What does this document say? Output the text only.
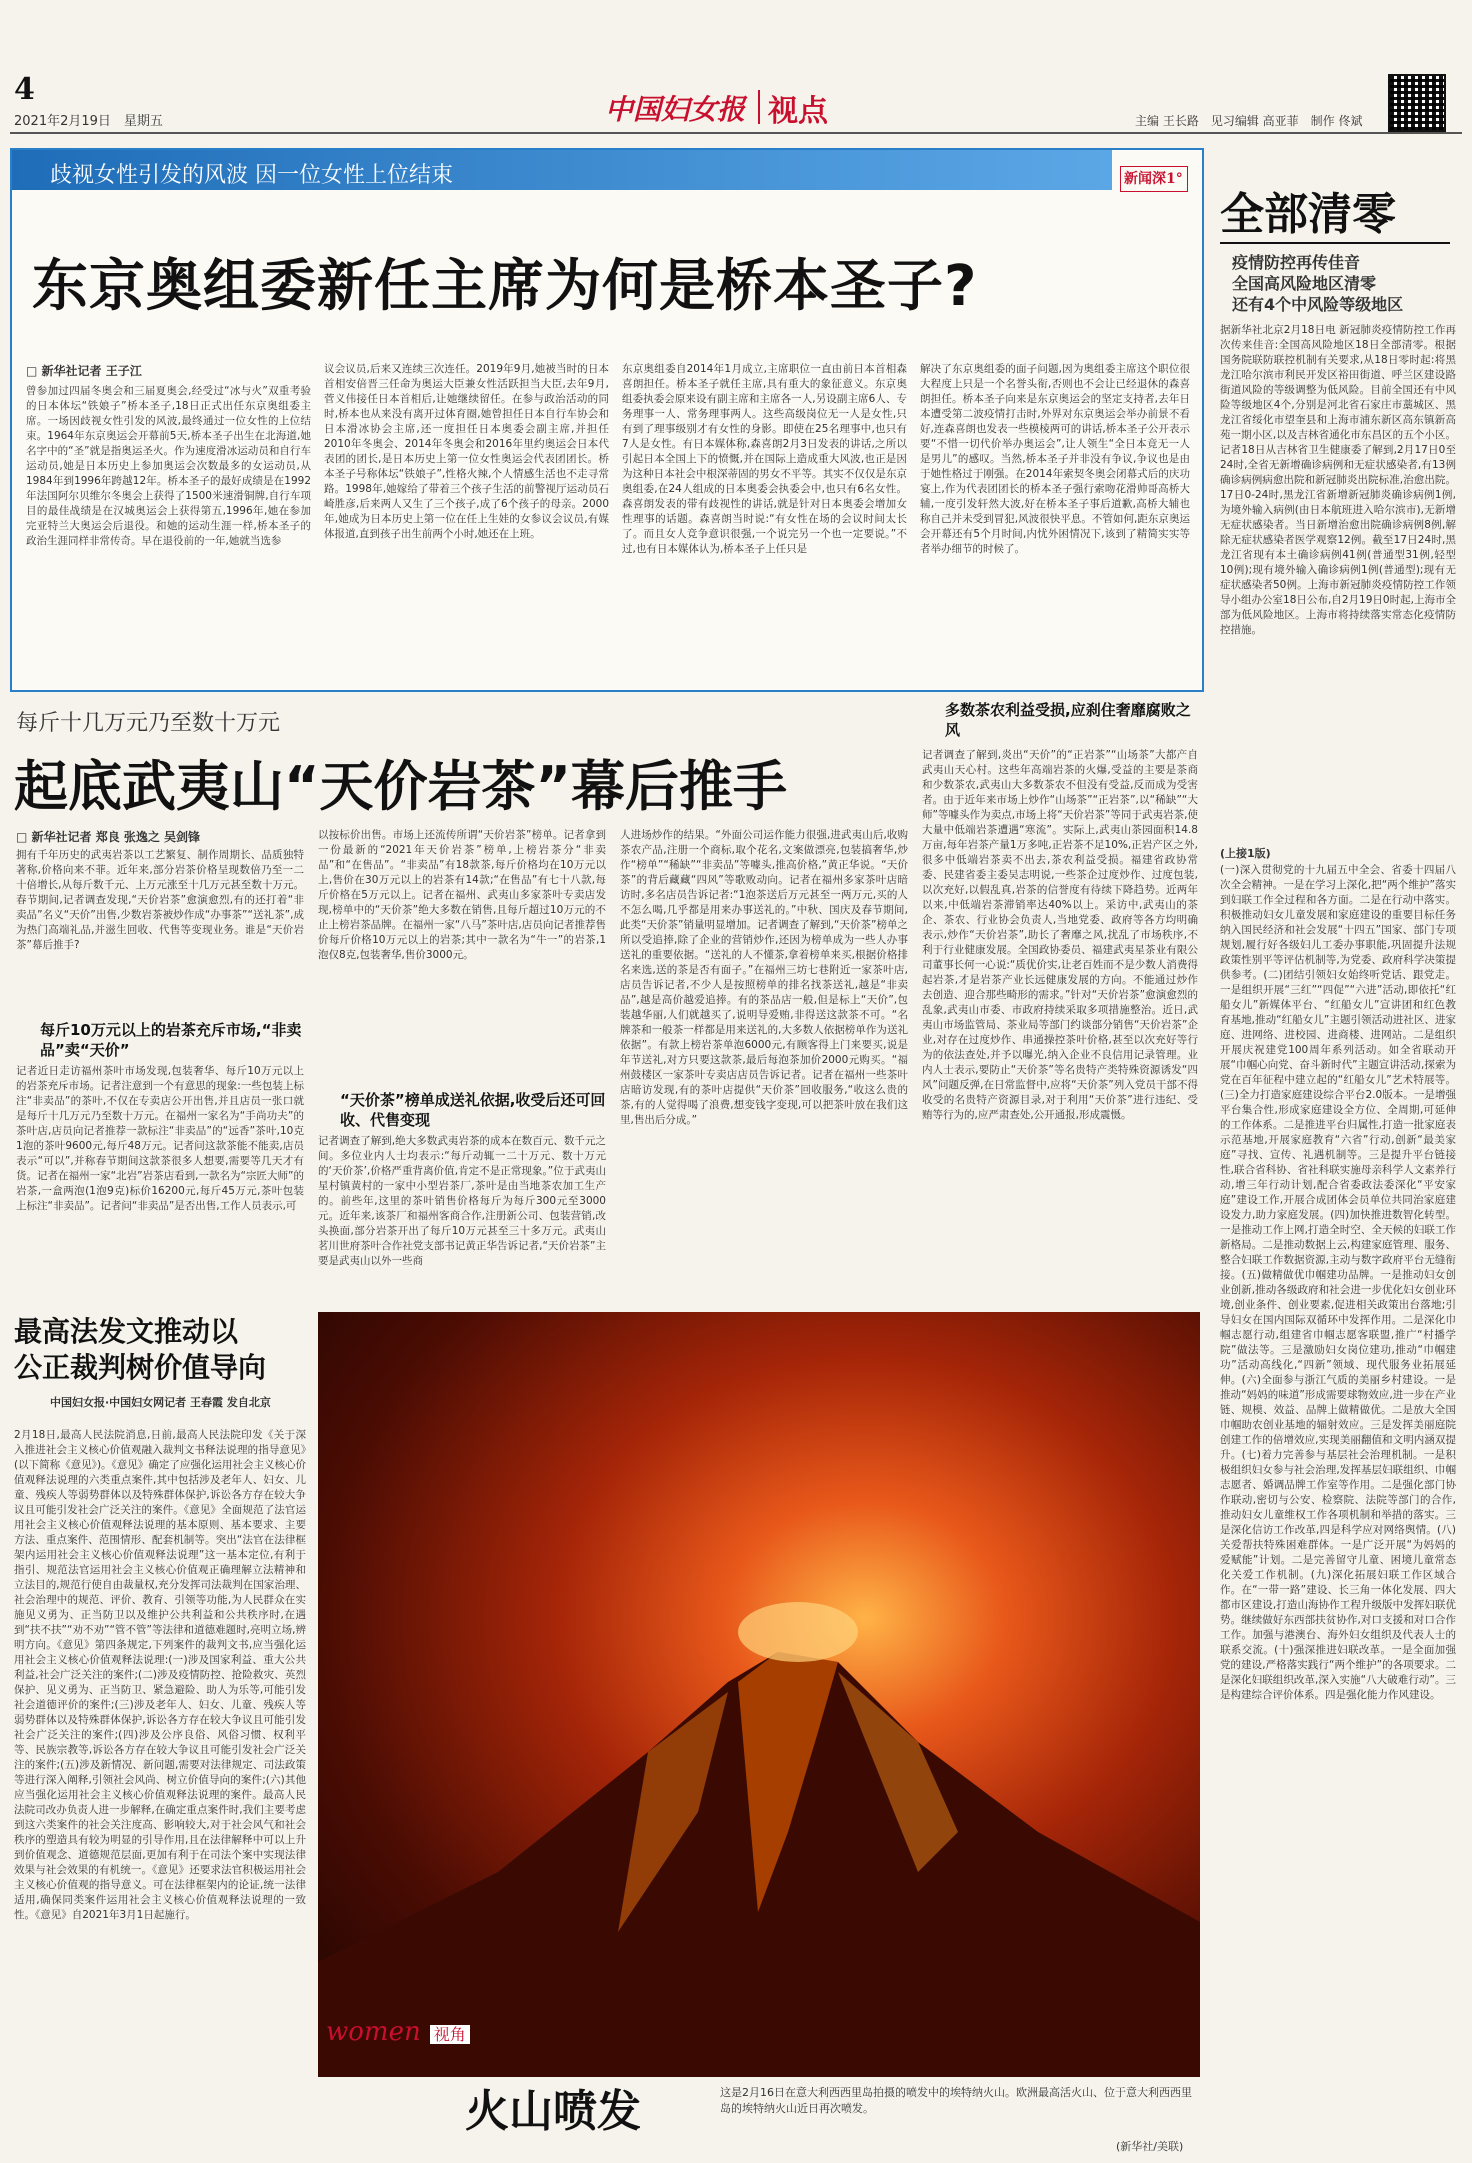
4
2021年2月19日　星期五	中国妇女报 视点	主编 王长路　见习编辑 高亚菲　制作 佟斌
歧视女性引发的风波 因一位女性上位结束	新闻深1°
东京奥组委新任主席为何是桥本圣子?
□ 新华社记者 王子江
曾参加过四届冬奥会和三届夏奥会,经受过“冰与火”双重考验的日本体坛“铁娘子”桥本圣子,18日正式出任东京奥组委主席。一场因歧视女性引发的风波,最终通过一位女性的上位结束。1964年东京奥运会开幕前5天,桥本圣子出生在北海道,她名字中的“圣”就是指奥运圣火。作为速度滑冰运动员和自行车运动员,她是日本历史上参加奥运会次数最多的女运动员,从1984年到1996年跨越12年。桥本圣子的最好成绩是在1992年法国阿尔贝维尔冬奥会上获得了1500米速滑铜牌,自行车项目的最佳战绩是在汉城奥运会上获得第五,1996年,她在参加完亚特兰大奥运会后退役。和她的运动生涯一样,桥本圣子的政治生涯同样非常传奇。早在退役前的一年,她就当选参
议会议员,后来又连续三次连任。2019年9月,她被当时的日本首相安倍晋三任命为奥运大臣兼女性活跃担当大臣,去年9月,菅义伟接任日本首相后,让她继续留任。在参与政治活动的同时,桥本也从来没有离开过体育圈,她曾担任日本自行车协会和日本滑冰协会主席,还一度担任日本奥委会副主席,并担任2010年冬奥会、2014年冬奥会和2016年里约奥运会日本代表团的团长,是日本历史上第一位女性奥运会代表团团长。桥本圣子号称体坛“铁娘子”,性格火辣,个人情感生活也不走寻常路。1998年,她嫁给了带着三个孩子生活的前警视厅运动员石崎胜彦,后来两人又生了三个孩子,成了6个孩子的母亲。2000年,她成为日本历史上第一位在任上生娃的女参议会议员,有媒体报道,直到孩子出生前两个小时,她还在上班。
东京奥组委自2014年1月成立,主席职位一直由前日本首相森喜朗担任。桥本圣子就任主席,具有重大的象征意义。东京奥组委执委会原来设有副主席和主席各一人,另设副主席6人、专务理事一人、常务理事两人。这些高级岗位无一人是女性,只有到了理事级别才有女性的身影。即使在25名理事中,也只有7人是女性。有日本媒体称,森喜朗2月3日发表的讲话,之所以引起日本全国上下的愤慨,并在国际上造成重大风波,也正是因为这种日本社会中根深蒂固的男女不平等。其实不仅仅是东京奥组委,在24人组成的日本奥委会执委会中,也只有6名女性。森喜朗发表的带有歧视性的讲话,就是针对日本奥委会增加女性理事的话题。森喜朗当时说:“有女性在场的会议时间太长了。而且女人竞争意识很强,一个说完另一个也一定要说。”不过,也有日本媒体认为,桥本圣子上任只是
解决了东京奥组委的面子问题,因为奥组委主席这个职位很大程度上只是一个名誉头衔,否则也不会让已经退休的森喜朗担任。桥本圣子向来是东京奥运会的坚定支持者,去年日本遭受第二波疫情打击时,外界对东京奥运会举办前景不看好,连森喜朗也发表一些模棱两可的讲话,桥本圣子公开表示要“不惜一切代价举办奥运会”,让人领生“全日本竟无一人是男儿”的感叹。当然,桥本圣子并非没有争议,争议也是由于她性格过于刚强。在2014年索契冬奥会闭幕式后的庆功宴上,作为代表团团长的桥本圣子强行索吻花滑帅哥高桥大辅,一度引发轩然大波,好在桥本圣子事后道歉,高桥大辅也称自己并未受到冒犯,风波很快平息。不管如何,距东京奥运会开幕还有5个月时间,内忧外困情况下,该到了精简实实等者举办细节的时候了。
全部清零
疫情防控再传佳音
全国高风险地区清零
还有4个中风险等级地区
据新华社北京2月18日电 新冠肺炎疫情防控工作再次传来佳音:全国高风险地区18日全部清零。根据国务院联防联控机制有关要求,从18日零时起:将黑龙江哈尔滨市利民开发区裕田街道、呼兰区建设路街道风险的等级调整为低风险。目前全国还有中风险等级地区4个,分别是河北省石家庄市藁城区、黑龙江省绥化市望奎县和上海市浦东新区高东镇新高苑一期小区,以及吉林省通化市东昌区的五个小区。记者18日从吉林省卫生健康委了解到,2月17日0至24时,全省无新增确诊病例和无症状感染者,有13例确诊病例病愈出院和新冠肺炎出院标准,治愈出院。17日0-24时,黑龙江省新增新冠肺炎确诊病例1例,为境外输入病例(由日本航班进入哈尔滨市),无新增无症状感染者。当日新增治愈出院确诊病例8例,解除无症状感染者医学观察12例。截至17日24时,黑龙江省现有本土确诊病例41例(普通型31例,轻型10例);现有境外输入确诊病例1例(普通型);现有无症状感染者50例。上海市新冠肺炎疫情防控工作领导小组办公室18日公布,自2月19日0时起,上海市全部为低风险地区。上海市将持续落实常态化疫情防控措施。
每斤十几万元乃至数十万元
起底武夷山“天价岩茶”幕后推手
□ 新华社记者 郑良 张逸之 吴剑锋
拥有千年历史的武夷岩茶以工艺繁复、制作周期长、品质独特著称,价格向来不菲。近年来,部分岩茶价格呈现数倍乃至一二十倍增长,从每斤数千元、上万元涨至十几万元甚至数十万元。春节期间,记者调查发现,“天价岩茶”愈演愈烈,有的还打着“非卖品”名义“天价”出售,少数岩茶被炒作成“办事茶”“送礼茶”,成为热门高端礼品,并滋生回收、代售等变现业务。谁是“天价岩茶”幕后推手?
每斤10万元以上的岩茶充斥市场,“非卖品”卖“天价”
记者近日走访福州茶叶市场发现,包装奢华、每斤10万元以上的岩茶充斥市场。记者注意到一个有意思的现象:一些包装上标注“非卖品”的茶叶,不仅在专卖店公开出售,并且店员一张口就是每斤十几万元乃至数十万元。在福州一家名为“手尚功夫”的茶叶店,店员向记者推荐一款标注“非卖品”的“远香”茶叶,10克1泡的茶叶9600元,每斤48万元。记者问这款茶能不能卖,店员表示“可以”,并称春节期间这款茶很多人想要,需要等几天才有货。记者在福州一家“北岩”岩茶店看到,一款名为“宗匠大师”的岩茶,一盒两泡(1泡9克)标价16200元,每斤45万元,茶叶包装上标注“非卖品”。记者问“非卖品”是否出售,工作人员表示,可
以按标价出售。市场上还流传所谓“天价岩茶”榜单。记者拿到一份最新的“2021年天价岩茶”榜单,上榜岩茶分“非卖品”和“在售品”。“非卖品”有18款茶,每斤价格均在10万元以上,售价在30万元以上的岩茶有14款;“在售品”有七十八款,每斤价格在5万元以上。记者在福州、武夷山多家茶叶专卖店发现,榜单中的“天价茶”绝大多数在销售,且每斤超过10万元的不止上榜岩茶品牌。在福州一家“八马”茶叶店,店员向记者推荐售价每斤价格10万元以上的岩茶;其中一款名为“牛一”的岩茶,1泡仅8克,包装奢华,售价3000元。
“天价茶”榜单成送礼依据,收受后还可回收、代售变现
记者调查了解到,绝大多数武夷岩茶的成本在数百元、数千元之间。多位业内人士均表示:“每斤动辄一二十万元、数十万元的‘天价茶’,价格严重背离价值,肯定不是正常现象。”位于武夷山星村镇黄村的一家中小型岩茶厂,茶叶是由当地茶农加工生产的。前些年,这里的茶叶销售价格每斤为每斤300元至3000元。近年来,该茶厂和福州客商合作,注册新公司、包装营销,改头换面,部分岩茶开出了每斤10万元甚至三十多万元。武夷山茗川世府茶叶合作社党支部书记黄正华告诉记者,“天价岩茶”主要是武夷山以外一些商
人进场炒作的结果。“外面公司运作能力很强,进武夷山后,收购茶农产品,注册一个商标,取个花名,文案做漂亮,包装搞奢华,炒作“榜单”“稀缺”“非卖品”等噱头,推高价格,”黄正华说。“天价茶”的背后藏藏“四风”等歌败动向。记者在福州多家茶叶店暗访时,多名店员告诉记者:“1泡茶送后万元甚至一两万元,买的人不怎么喝,几乎都是用来办事送礼的。”中秋、国庆及春节期间,此类“天价茶”销量明显增加。记者调查了解到,“天价茶”榜单之所以受追捧,除了企业的营销炒作,还因为榜单成为一些人办事送礼的重要依据。“送礼的人不懂茶,拿着榜单来买,根据价格排名来选,送的茶是否有面子。”在福州三坊七巷附近一家茶叶店,店员告诉记者,不少人是按照榜单的排名找茶送礼,越是“非卖品”,越是高价越爱追捧。有的茶品店一般,但是标上“天价”,包装越华丽,人们就越买了,说明导爱贿,非得送这款茶不可。“名牌茶和一般茶一样都是用来送礼的,大多数人依据榜单作为送礼依据”。有款上榜岩茶单泡6000元,有顾客得上门来要买,说是年节送礼,对方只要这款茶,最后每泡茶加价2000元购买。“福州鼓楼区一家茶叶专卖店店员告诉记者。记者在福州一些茶叶店暗访发现,有的茶叶店提供“天价茶”回收服务,“收这么贵的茶,有的人觉得喝了浪费,想变钱字变现,可以把茶叶放在我们这里,售出后分成。”
多数茶农利益受损,应刹住奢靡腐败之风
记者调查了解到,炎出“天价”的“正岩茶”“山场茶”大都产自武夷山天心村。这些年高端岩茶的火爆,受益的主要是茶商和少数茶农,武夷山大多数茶农不但没有受益,反而成为受害者。由于近年来市场上炒作“山场茶”“正岩茶”,以“稀缺”“大师”等噱头作为卖点,市场上将“天价岩茶”等同于武夷岩茶,使大量中低端岩茶遭遇“寒流”。实际上,武夷山茶园面积14.8万亩,每年岩茶产量1万多吨,正岩茶不足10%,正岩产区之外,很多中低端岩茶卖不出去,茶农利益受损。福建省政协常委、民建省委主委吴志明说,一些茶企过度炒作、过度包装,以次充好,以假乱真,岩茶的信誉度有待续下降趋势。近两年以来,中低端岩茶滞销率达40%以上。采访中,武夷山的茶企、茶农、行业协会负责人,当地党委、政府等各方均明确表示,炒作“天价岩茶”,助长了奢靡之风,扰乱了市场秩序,不利于行业健康发展。全国政协委员、福建武夷星茶业有限公司董事长何一心说:“质优价实,让老百姓而不是少数人消费得起岩茶,才是岩茶产业长远健康发展的方向。不能通过炒作去创造、迎合那些畸形的需求。”针对“天价岩茶”愈演愈烈的乱象,武夷山市委、市政府持续采取多项措施整治。近日,武夷山市场监管局、茶业局等部门约谈部分销售“天价岩茶”企业,对存在过度炒作、串通操控茶叶价格,甚至以次充好等行为的依法查处,并予以曝光,纳入企业不良信用记录管理。业内人士表示,要防止“天价茶”等名贵特产类特殊资源诱发“四风”问题反弹,在日常监督中,应将“天价茶”列入党员干部不得收受的名贵特产资源目录,对于利用“天价茶”进行违纪、受贿等行为的,应严肃查处,公开通报,形成震慑。
(上接1版)
(一)深入贯彻党的十九届五中全会、省委十四届八次全会精神。一是在学习上深化,把“两个维护”落实到妇联工作全过程和各方面。二是在行动中落实。积极推动妇女儿童发展和家庭建设的重要目标任务纳入国民经济和社会发展“十四五”国家、部门专项规划,履行好各级妇儿工委办事职能,巩固提升法规政策性别平等评估机制等,为党委、政府科学决策提供参考。(二)团结引领妇女始终听党话、跟党走。一是组织开展“三红”“四促”“六进”活动,即依托“红船女儿”新媒体平台、“红船女儿”宣讲团和红色教育基地,推动“红船女儿”主题引领活动进社区、进家庭、进网络、进校园、进商楼、进网站。二是组织开展庆祝建党100周年系列活动。如全省联动开展“巾帼心向党、奋斗新时代”主题宣讲活动,探索为党在百年征程中建立起的“红船女儿”艺术特展等。(三)全力打造家庭建设综合平台2.0版本。一是增强平台集合性,形成家庭建设全方位、全周期,可延伸的工作体系。二是推进平台归属性,打造一批家庭表示范基地,开展家庭教育“六省”行动,创新“最美家庭”寻找、宣传、礼遇机制等。三是提升平台链接性,联合省科协、省社科联实施母亲科学人文素养行动,增三年行动计划,配合省委政法委深化“平安家庭”建设工作,开展合成团体会员单位共同治家庭建设发力,助力家庭发展。(四)加快推进数智化转型。一是推动工作上网,打造全时空、全天候的妇联工作新格局。二是推动数据上云,构建家庭管理、服务、整合妇联工作数据资源,主动与数字政府平台无缝衔接。(五)做精做优巾帼建功品牌。一是推动妇女创业创新,推动各级政府和社会进一步优化妇女创业环境,创业条件、创业要素,促进相关政策出台落地;引导妇女在国内国际双循环中发挥作用。二是深化巾帼志愿行动,组建省巾帼志愿客联盟,推广“村播学院”做法等。三是激励妇女岗位建功,推动“巾帼建功”活动高线化,“四新”领域、现代服务业拓展延伸。(六)全面参与浙江气质的美丽乡村建设。一是推动“妈妈的味道”形成需要球物效应,进一步在产业链、规模、效益、品牌上做精做优。二是放大全国巾帼助农创业基地的辐射效应。三是发挥美丽庭院创建工作的倍增效应,实现美丽翻值和文明内涵双提升。(七)着力完善参与基层社会治理机制。一是积极组织妇女参与社会治理,发挥基层妇联组织、巾帼志愿者、婚调品牌工作室等作用。二是强化部门协作联动,密切与公安、检察院、法院等部门的合作,推动妇女儿童维权工作各项机制和举措的落实。三是深化信访工作改革,四是科学应对网络舆情。(八)关爱帮扶特殊困难群体。一是广泛开展“为妈妈的爱赋能”计划。二是完善留守儿童、困境儿童常态化关爱工作机制。(九)深化拓展妇联工作区域合作。在“一带一路”建设、长三角一体化发展、四大都市区建设,打造山海协作工程升级版中发挥妇联优势。继续做好东西部扶贫协作,对口支援和对口合作工作。加强与港澳台、海外妇女组织及代表人士的联系交流。(十)强深推进妇联改革。一是全面加强党的建设,严格落实践行“两个维护”的各项要求。二是深化妇联组织改革,深入实施“八大破难行动”。三是构建综合评价体系。四是强化能力作风建设。
最高法发文推动以
公正裁判树价值导向
中国妇女报·中国妇女网记者 王春霞 发自北京
2月18日,最高人民法院消息,日前,最高人民法院印发《关于深入推进社会主义核心价值观融入裁判文书释法说理的指导意见》(以下简称《意见》)。《意见》确定了应强化运用社会主义核心价值观释法说理的六类重点案件,其中包括涉及老年人、妇女、儿童、残疾人等弱势群体以及特殊群体保护,诉讼各方存在较大争议且可能引发社会广泛关注的案件。《意见》全面规范了法官运用社会主义核心价值观释法说理的基本原则、基本要求、主要方法、重点案件、范围情形、配套机制等。突出“法官在法律框架内运用社会主义核心价值观释法说理”这一基本定位,有利于指引、规范法官运用社会主义核心价值观正确理解立法精神和立法目的,规范行使自由裁量权,充分发挥司法裁判在国家治理、社会治理中的规范、评价、教育、引领等功能,为人民群众在实施见义勇为、正当防卫以及维护公共利益和公共秩序时,在遇到“扶不扶”“劝不劝”“管不管”等法律和道德难题时,亮明立场,辨明方向。《意见》第四条规定,下列案件的裁判文书,应当强化运用社会主义核心价值观释法说理:(一)涉及国家利益、重大公共利益,社会广泛关注的案件;(二)涉及疫情防控、抢险救灾、英烈保护、见义勇为、正当防卫、紧急避险、助人为乐等,可能引发社会道德评价的案件;(三)涉及老年人、妇女、儿童、残疾人等弱势群体以及特殊群体保护,诉讼各方存在较大争议且可能引发社会广泛关注的案件;(四)涉及公序良俗、风俗习惯、权利平等、民族宗教等,诉讼各方存在较大争议且可能引发社会广泛关注的案件;(五)涉及新情况、新问题,需要对法律规定、司法政策等进行深入阐释,引领社会风尚、树立价值导向的案件;(六)其他应当强化运用社会主义核心价值观释法说理的案件。最高人民法院司改办负责人进一步解释,在确定重点案件时,我们主要考虑到这六类案件的社会关注度高、影响较大,对于社会风气和社会秩序的塑造具有较为明显的引导作用,且在法律解释中可以上升到价值观念、道德规范层面,更加有利于在司法个案中实现法律效果与社会效果的有机统一。《意见》还要求法官积极运用社会主义核心价值观的指导意义。可在法律框架内的论证,统一法律适用,确保同类案件运用社会主义核心价值观释法说理的一致性。《意见》自2021年3月1日起施行。
women 视角
火山喷发	这是2月16日在意大利西西里岛拍摄的喷发中的埃特纳火山。欧洲最高活火山、位于意大利西西里岛的埃特纳火山近日再次喷发。
(新华社/美联)
